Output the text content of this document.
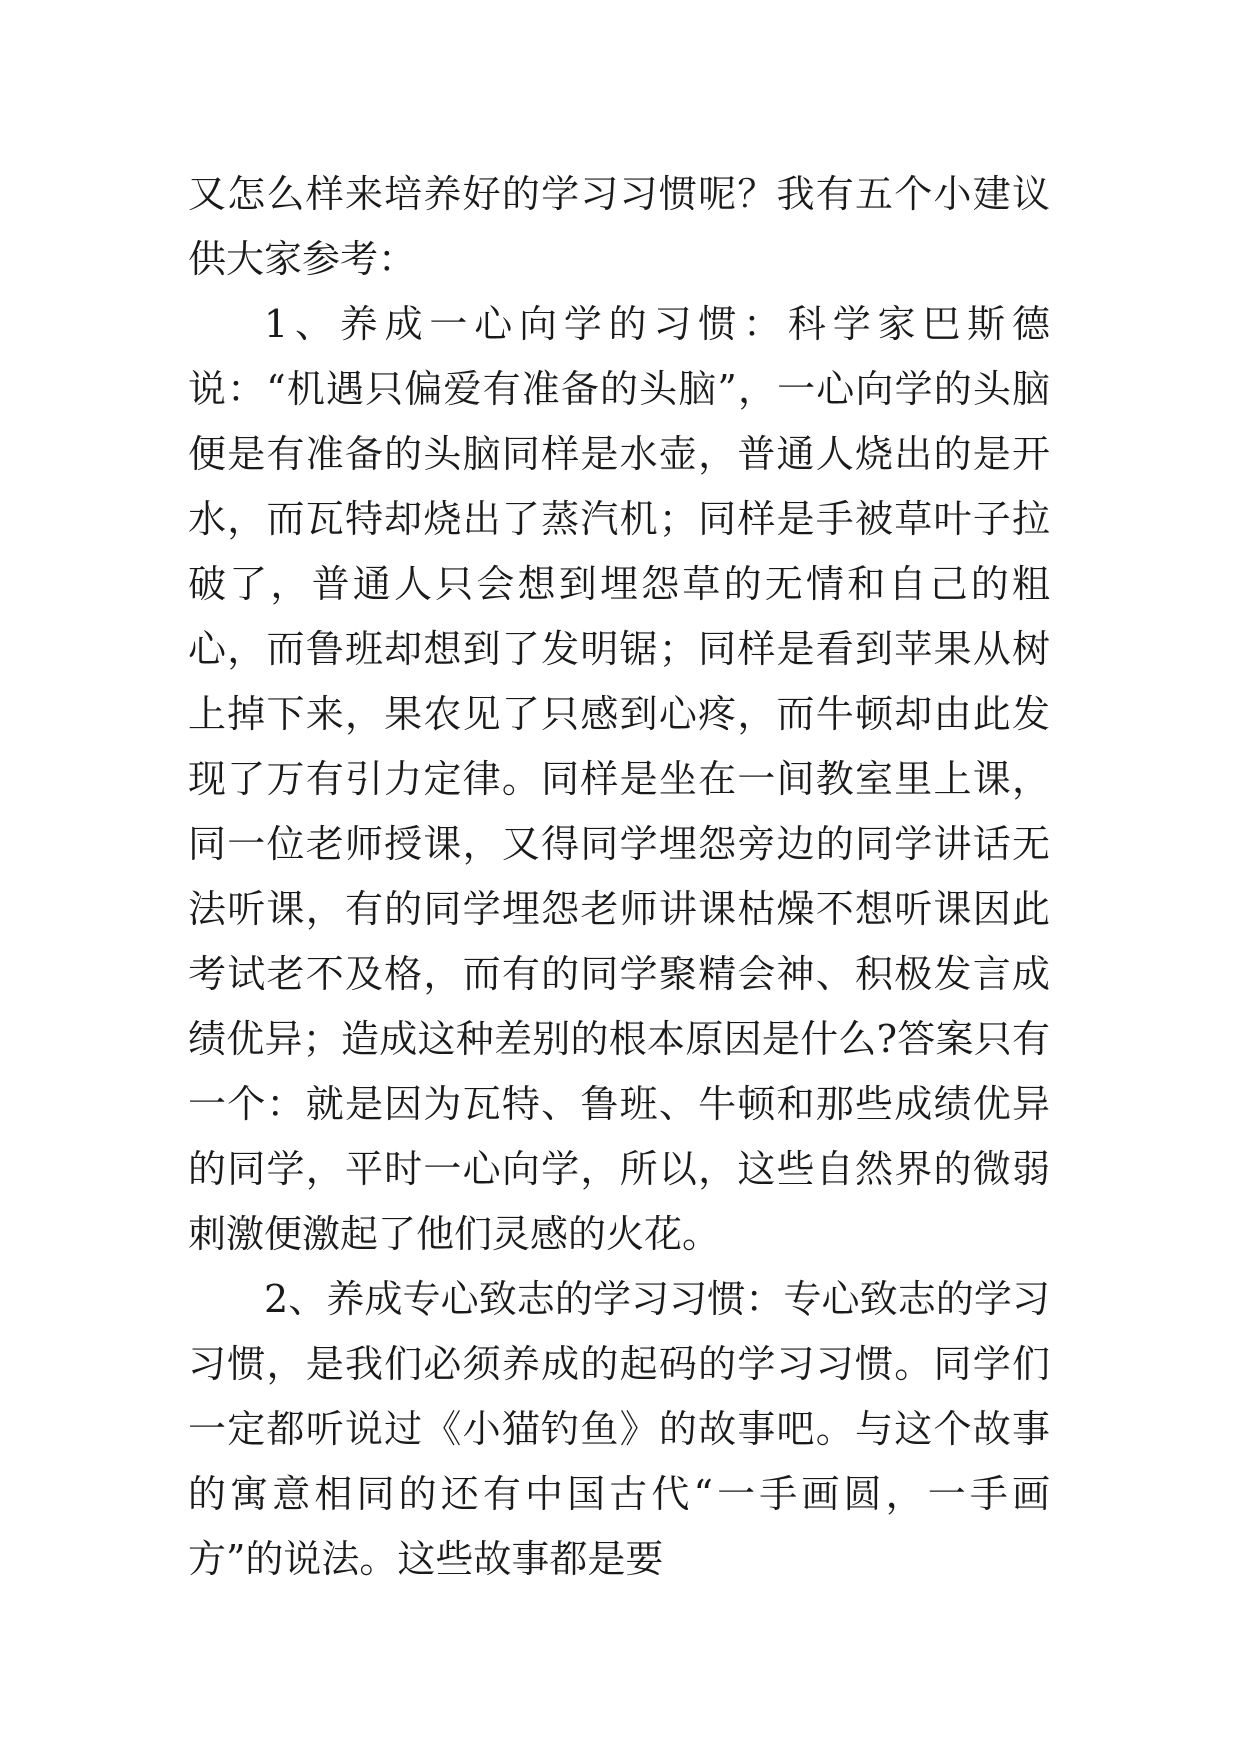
又怎么样来培养好的学习习惯呢？我有五个小建议供大家参考：

1、养成一心向学的习惯：科学家巴斯德说：“机遇只偏爱有准备的头脑”，一心向学的头脑便是有准备的头脑同样是水壶，普通人烧出的是开水，而瓦特却烧出了蒸汽机；同样是手被草叶子拉破了，普通人只会想到埋怨草的无情和自己的粗心，而鲁班却想到了发明锯；同样是看到苹果从树上掉下来，果农见了只感到心疼，而牛顿却由此发现了万有引力定律。同样是坐在一间教室里上课，同一位老师授课，又得同学埋怨旁边的同学讲话无法听课，有的同学埋怨老师讲课枯燥不想听课因此考试老不及格，而有的同学聚精会神、积极发言成绩优异；造成这种差别的根本原因是什么?答案只有一个：就是因为瓦特、鲁班、牛顿和那些成绩优异的同学，平时一心向学，所以，这些自然界的微弱刺激便激起了他们灵感的火花。

2、养成专心致志的学习习惯：专心致志的学习习惯，是我们必须养成的起码的学习习惯。同学们一定都听说过《小猫钓鱼》的故事吧。与这个故事的寓意相同的还有中国古代“一手画圆，一手画方”的说法。这些故事都是要
